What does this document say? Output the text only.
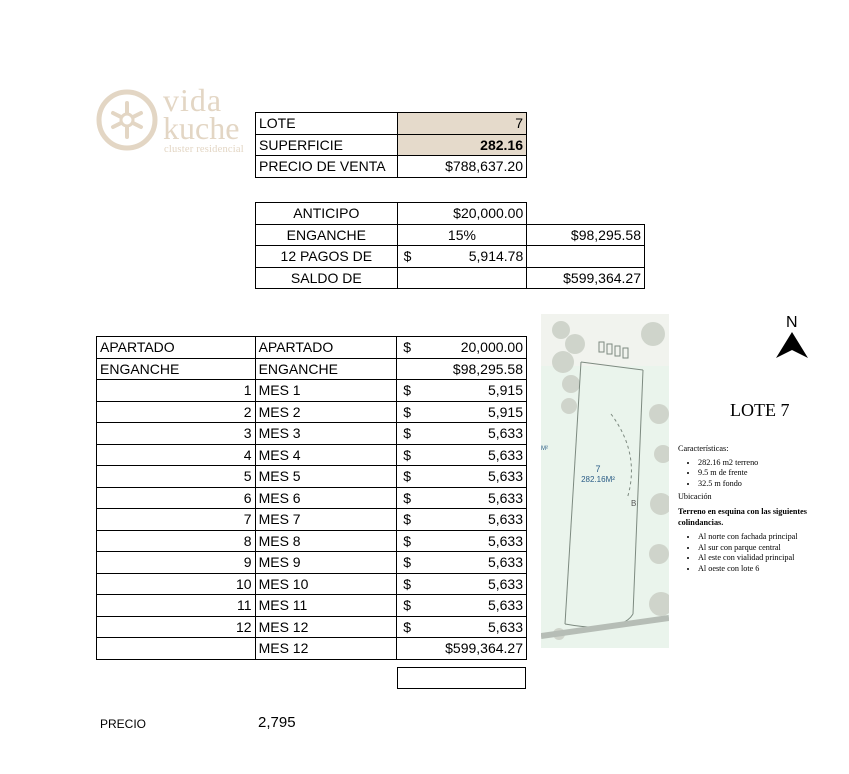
vida
kuche
cluster residencial
LOTE	7
SUPERFICIE	282.16
PRECIO DE VENTA	$788,637.20
ANTICIPO	$20,000.00	
ENGANCHE	15%	$98,295.58
12 PAGOS DE	$ 5,914.78	

SALDO DE		$599,364.27
APARTADO	APARTADO	$ 20,000.00

ENGANCHE	ENGANCHE	$98,295.58

1	MES 1	$ 5,915

2	MES 2	$ 5,915

3	MES 3	$ 5,633

4	MES 4	$ 5,633

5	MES 5	$ 5,633

6	MES 6	$ 5,633

7	MES 7	$ 5,633

8	MES 8	$ 5,633

9	MES 9	$ 5,633

10	MES 10	$ 5,633

11	MES 11	$ 5,633

12	MES 12	$ 5,633

	MES 12	$599,364.27
7
282.16M²
M²
B
N
LOTE 7
Características:
• 282.16 m2 terreno
• 9.5 m de frente
• 32.5 m fondo
Ubicación

Terreno en esquina con las siguientes colindancias.

• Al norte con fachada principal
• Al sur con parque central
• Al este con vialidad principal
• Al oeste con lote 6
PRECIO	2,795
